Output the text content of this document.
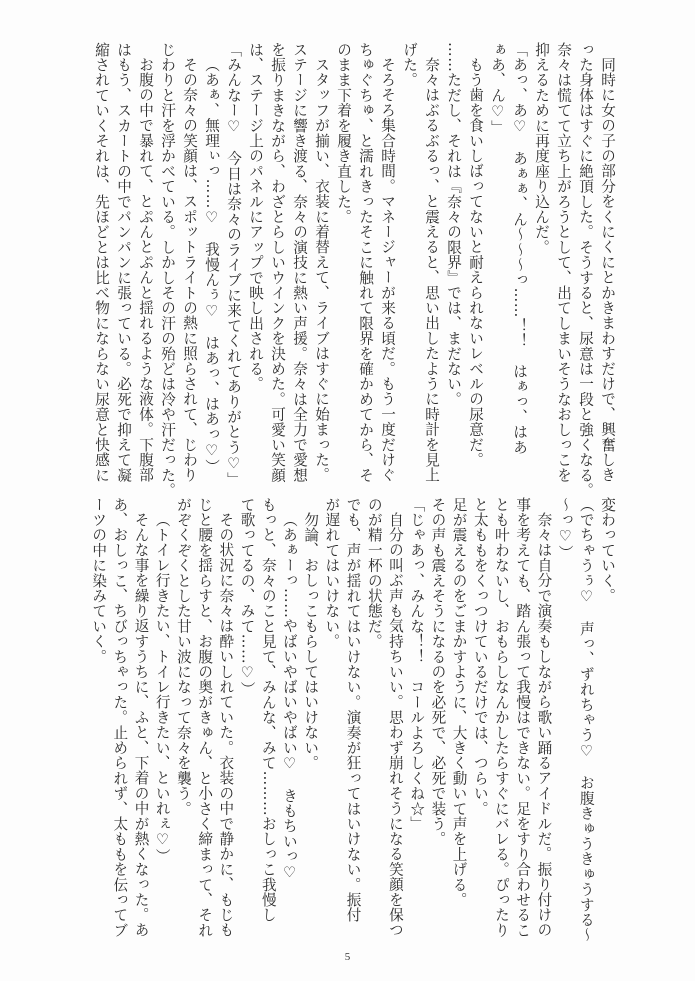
同時に女の子の部分をくにくにとかきまわすだけで、興奮しき
った身体はすぐに絶頂した。そうすると、尿意は一段と強くなる。
奈々は慌てて立ち上がろうとして、出てしまいそうなおしっこを
抑えるために再度座り込んだ。
「あっ、あ♡　あぁぁ、ん〜〜〜っ……！！　はぁっ、はあ
ぁあ、ん♡」
もう歯を食いしばってないと耐えられないレベルの尿意だ。
……ただし、それは『奈々の限界』では、まだない。
奈々はぶるぶるっ、と震えると、思い出したように時計を見上
げた。
そろそろ集合時間。マネージャーが来る頃だ。もう一度だけぐ
ちゅぐちゅ、と濡れきったそこに触れて限界を確かめてから、そ
のまま下着を履き直した。
スタッフが揃い、衣装に着替えて、ライブはすぐに始まった。
ステージに響き渡る、奈々の演技に熱い声援。奈々は全力で愛想
を振りまきながら、わざとらしいウインクを決めた。可愛い笑顔
は、ステージ上のパネルにアップで映し出される。
「みんなー♡　今日は奈々のライブに来てくれてありがとう♡」
（あぁ、無理ぃっ……♡　我慢んぅ♡　はあっ、はあっ♡）
その奈々の笑顔は、スポットライトの熱に照らされて、じわり
じわりと汗を浮かべている。しかしその汗の殆どは冷や汗だった。
お腹の中で暴れて、とぷんとぷんと揺れるような液体。下腹部
はもう、スカートの中でパンパンに張っている。必死で抑えて凝
縮されていくそれは、先ほどとは比べ物にならない尿意と快感に
変わっていく。
（でちゃうぅ♡　声っ、ずれちゃう♡　お腹きゅうきゅうする〜
〜っ♡）
奈々は自分で演奏もしながら歌い踊るアイドルだ。振り付けの
事を考えても、踏ん張って我慢はできない。足をすり合わせるこ
とも叶わないし、おもらしなんかしたらすぐにバレる。ぴったり
と太ももをくっつけているだけでは、つらい。
足が震えるのをごまかすように、大きく動いて声を上げる。
その声も震えそうになるのを必死で、必死で装う。
「じゃあっ、みんな！！　コールよろしくね☆」
自分の叫ぶ声も気持ちいい。思わず崩れそうになる笑顔を保つ
のが精一杯の状態だ。
でも、声が揺れてはいけない。演奏が狂ってはいけない。振付
が遅れてはいけない。
勿論、おしっこもらしてはいけない。
（あぁーっ……やばいやばいやばい♡　きもちいっ♡
もっと、奈々のこと見て、みんな、みて………おしっこ我慢し
て歌ってるの、みて……♡）
その状況に奈々は酔いしれていた。衣装の中で静かに、もじも
じと腰を揺らすと、お腹の奥がきゅん、と小さく締まって、それ
がぞくぞくとした甘い波になって奈々を襲う。
（トイレ行きたい、トイレ行きたい、といれぇ♡）
そんな事を繰り返すうちに、ふと、下着の中が熱くなった。あ
あ、おしっこ、ちびっちゃった。止められず、太ももを伝ってブ
ーツの中に染みていく。
5
